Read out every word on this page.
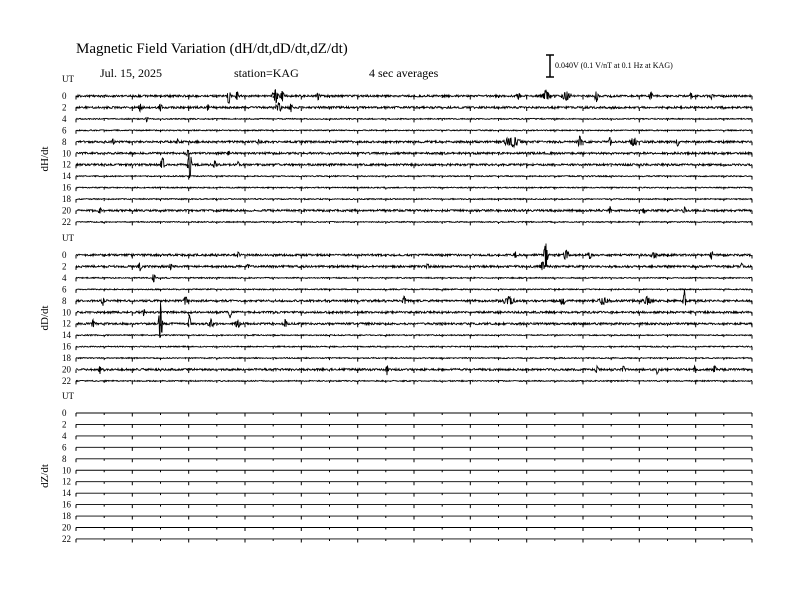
Magnetic Field Variation (dH/dt,dD/dt,dZ/dt)
Jul. 15, 2025	station=KAG	4 sec averages
0.040V (0.1 V/nT at 0.1 Hz at KAG)
UT
dH/dt
0
2
4
6
8
10
12
14
16
18
20
22
UT
dD/dt
0
2
4
6
8
10
12
14
16
18
20
22
UT
dZ/dt
0
2
4
6
8
10
12
14
16
18
20
22
